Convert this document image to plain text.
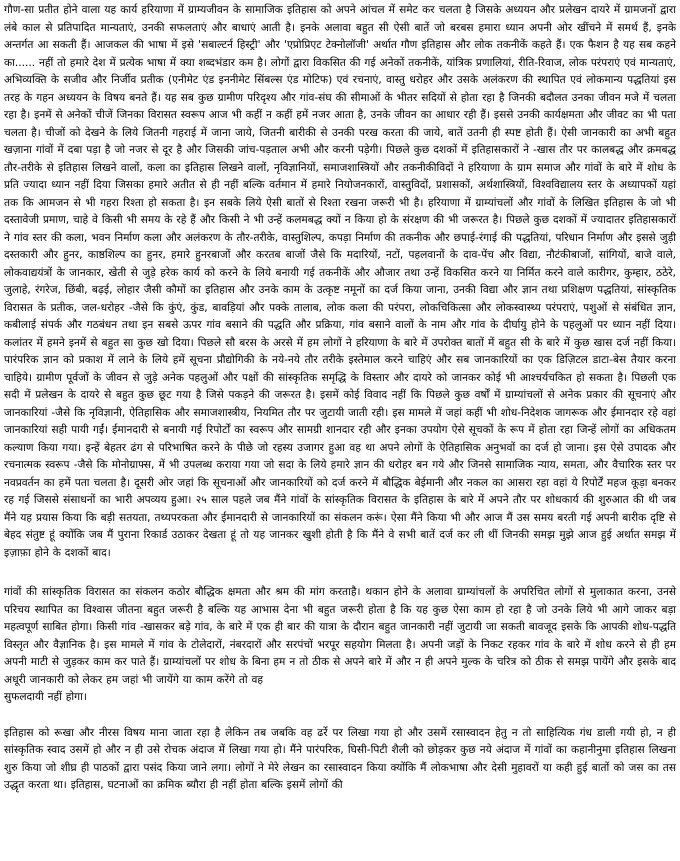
गौण-सा प्रतीत होने वाला यह कार्य हरियाणा में ग्राम्यजीवन के सामाजिक इतिहास को अपने आंचल में समेट कर चलता है जिसके अध्ययन और प्रलेखन दायरे में ग्रामजनों द्वारा लंबे काल से प्रतिपादित मान्यताएं, उनकी सफलताएं और बाधाएं आती है। इनके अलावा बहुत सी ऐसी बातें जो बरबस हमारा ध्यान अपनी ओर खींचने में समर्थ हैं, इनके अन्तर्गत आ सकती हैं। आजकल की भाषा में इसे 'सबाल्टर्न हिस्ट्री' और 'एप्रोप्रिएट टेक्नोलॉजी' अर्थात गौण इतिहास और लोक तकनीकें कहते हैं। एक फैशन है यह सब कहने का...... नहीं तो हमारे देश में प्रत्येक भाषा में क्या शब्दभंडार कम है। लोगों द्वारा विकसित की गई अनेकों तकनीकें, यांत्रिक प्रणालियां, रीति-रिवाज, लोक परंपराएं एवं मान्यताएं, अभिव्यक्ति के सजीव और निर्जीव प्रतीक (एनीमेट एंड इननीमेट सिंबल्स एंड मोटिफ) एवं रचनाएं, वास्तु धरोहर और उसके अलंकरण की स्थापित एवं लोकमान्य पद्धतियां इस तरह के गहन अध्ययन के विषय बनते हैं। यह सब कुछ ग्रामीण परिदृश्य और गांव-संघ की सीमाओं के भीतर सदियों से होता रहा है जिनकी बदौलत उनका जीवन मजे में चलता रहा है। इनमें से अनेकों चीजें जिनका विरासत स्वरूप आज भी कहीं न कहीं हमें नजर आता है, उनके जीवन का आधार रही हैं। इससे उनकी कार्यक्षमता और जीवट का भी पता चलता है। चीजों को देखने के लिये जितनी गहराई में जाना जाये, जितनी बारीकी से उनकी परख करता की जाये, बातें उतनी ही स्पष्ट होती हैं। ऐसी जानकारी का अभी बहुत खज़ाना गांवों में दबा पड़ा है जो नजर से दूर है और जिसकी जांच-पड़ताल अभी और करनी पड़ेगी। पिछले कुछ दशकों में इतिहासकारों ने -खास तौर पर कालबद्ध और क्रमबद्ध तौर-तरीके से इतिहास लिखने वालों, कला का इतिहास लिखने वालों, नृविज्ञानियों, समाजशास्त्रियों और तकनीकीविदों ने हरियाणा के ग्राम समाज और गांवों के बारे में शोध के प्रति ज्यादा ध्यान नहीं दिया जिसका हमारे अतीत से ही नहीं बल्कि वर्तमान में हमारे नियोजनकारों, वास्तुविदों, प्रशासकों, अर्थशास्त्रियों, विश्वविद्यालय स्तर के अध्यापकों यहां तक कि आमजन से भी गहरा रिश्ता हो सकता है। इन सबके लिये ऐसी बातों से रिश्ता रखना जरूरी भी है। हरियाणा में ग्राम्यांचलों और गांवों के लिखित इतिहास के जो भी दस्तावेजी प्रमाण, चाहे वे किसी भी समय के रहे हैं और किसी ने भी उन्हें कलमबद्ध क्यों न किया हो के संरक्षण की भी जरूरत है। पिछले कुछ दशकों में ज्यादातर इतिहासकारों ने गांव स्तर की कला, भवन निर्माण कला और अलंकरण के तौर-तरीके, वास्तुशिल्प, कपड़ा निर्माण की तकनीक और छपाई-रंगाई की पद्धतियां, परिधान निर्माण और इससे जुड़ी दस्तकारी और हुनर, काष्ठशिल्प का हुनर, हमारे हुनरबाजों और करतब बाजों जैसे कि मदारियों, नटों, पहलवानों के दाव-पेंच और विद्या, नौटंकीबाजों, सांगियों, बाजे वाले, लोकवाद्ययंत्रों के जानकार, खेती से जुड़े हरेक कार्य को करने के लिये बनायी गई तकनीकें और औजार तथा उन्हें विकसित करने या निर्मित करने वाले कारीगर, कुम्हार, ठठेरे, जुलाहे, रंगरेज, छिंबी, बढ़ई, लोहार जैसी कौमों का इतिहास और उनके काम के उत्कृष्ट नमूनों का दर्ज किया जाना, उनकी विद्या और ज्ञान तथा प्रशिक्षण पद्धतियां, सांस्कृतिक विरासत के प्रतीक, जल-धरोहर -जैसे कि कुंएं, कुंड, बावड़ियां और पक्के तालाब, लोक कला की परंपरा, लोकचिकित्सा और लोकस्वास्थ्य परंपराएं, पशुओं से संबंधित ज्ञान, कबीलाई संपर्क और गठबंधन तथा इन सबसे ऊपर गांव बसाने की पद्धति और प्रक्रिया, गांव बसाने वालों के नाम और गांव के दीर्घायु होने के पहलुओं पर ध्यान नहीं दिया। कलांतर में हमने इनमें से बहुत सा कुछ खो दिया। पिछले सौ बरस के अरसे में हम लोगों ने हरियाणा के बारे में उपरोक्त बातों में बहुत सी के बारे में कुछ खास दर्ज नहीं किया। पारंपरिक ज्ञान को प्रकाश में लाने के लिये हमें सूचना प्रौद्योगिकी के नये-नये तौर तरीके इस्तेमाल करने चाहिएं और सब जानकारियों का एक डिज़िटल डाटा-बेस तैयार करना चाहिये। ग्रामीण पूर्वजों के जीवन से जुड़े अनेक पहलुओं और पक्षों की सांस्कृतिक समृद्धि के विस्तार और दायरे को जानकर कोई भी आश्चर्यचकित हो सकता है। पिछली एक सदी में प्रलेखन के दायरे से बहुत कुछ छूट गया है जिसे पकड़ने की जरूरत है। इसमें कोई विवाद नहीं कि पिछले कुछ वर्षों में ग्राम्यांचलों से अनेक प्रकार की सूचनाएं और जानकारियां -जैसे कि नृविज्ञानी, ऐतिहासिक और समाजशास्त्रीय, नियमित तौर पर जुटायी जाती रही। इस मामले में जहां कहीं भी शोध-निदेशक जागरूक और ईमानदार रहे वहां जानकारियां सही पायी गईं। ईमानदारी से बनायी गई रिपोर्टों का स्वरूप और सामग्री शानदार रही और इनका उपयोग ऐसे सूचकों के रूप में होता रहा जिन्हें लोगों का अधिकतम कल्याण किया गया। इन्हें बेहतर ढंग से परिभाषित करने के पीछे जो रहस्य उजागर हुआ वह था अपने लोगों के ऐतिहासिक अनुभवों का दर्ज हो जाना। इस ऐसे उपादक और रचनात्मक स्वरूप -जैसे कि मोनोग्राफ्स, में भी उपलब्ध कराया गया जो सदा के लिये हमारे ज्ञान की धरोहर बन गये और जिनसे सामाजिक न्याय, समता, और वैचारिक स्तर पर नवप्रवर्तन का हमें पता चलता है। दूसरी ओर जहां कि सूचनाओं और जानकारियों को दर्ज करने में बौद्धिक बेईमानी और नकल का आसरा रहा वहां ये रिपोर्टें महज कूड़ा बनकर रह गई जिससे संसाधनों का भारी अपव्यय हुआ। २५ साल पहले जब मैंने गांवों के सांस्कृतिक विरासत के इतिहास के बारे में अपने तौर पर शोधकार्य की शुरुआत की थी जब मैंने यह प्रयास किया कि बड़ी सतयता, तथ्यपरकता और ईमानदारी से जानकारियों का संकलन करूं। ऐसा मैंने किया भी और आज मैं उस समय बरती गई अपनी बारीक दृष्टि से बेहद संतुष्ट हूं क्योंकि जब मैं पुराना रिकार्ड उठाकर देखता हूं तो यह जानकर खुशी होती है कि मैंने वे सभी बातें दर्ज कर ली थीं जिनकी समझ मुझे आज हुई अर्थात समझ में इज़ाफ़ा होने के दशकों बाद।

गांवों की सांस्कृतिक विरासत का संकलन कठोर बौद्धिक क्षमता और श्रम की मांग करताहै। थकान होने के अलावा ग्राम्यांचलों के अपरिचित लोगों से मुलाकात करना, उनसे परिचय स्थापित का विश्वास जीतना बहुत जरूरी है बल्कि यह आभास देना भी बहुत जरूरी होता है कि यह कुछ ऐसा काम हो रहा है जो उनके लिये भी आगे जाकर बड़ा महत्वपूर्ण साबित होगा। किसी गांव -खासकर बड़े गांव, के बारे में एक ही बार की यात्रा के दौरान बहुत जानकारी नहीं जुटायी जा सकती बावजूद इसके कि आपकी शोध-पद्धति विस्तृत और वैज्ञानिक है। इस मामले में गांव के टोलेदारों, नंबरदारों और सरपंचों भरपूर सहयोग मिलता है। अपनी जड़ों के निकट रहकर गांव के बारे में शोध करने से ही हम अपनी माटी से जुड़कर काम कर पाते हैं। ग्राम्यांचलों पर शोध के बिना हम न तो ठीक से अपने बारे में और न ही अपने मुल्क के चरित्र को ठीक से समझ पायेंगे और इसके बाद अधूरी जानकारी को लेकर हम जहां भी जायेंगे या काम करेंगे तो वह

सुफलदायी नहीं होगा।

इतिहास को रूखा और नीरस विषय माना जाता रहा है लेकिन तब जबकि वह ढर्रे पर लिखा गया हो और उसमें रसास्वादन हेतु न तो साहित्यिक गंध डाली गयी हो, न ही सांस्कृतिक स्वाद उसमें हो और न ही उसे रोचक अंदाज में लिखा गया हो। मैंने पारंपरिक, घिसी-पिटी शैली को छोड़कर कुछ नये अंदाज में गांवों का कहानीनुमा इतिहास लिखना शुरु किया जो शीघ्र ही पाठकों द्वारा पसंद किया जाने लगा। लोगों ने मेरे लेखन का रसास्वादन किया क्योंकि मैं लोकभाषा और देसी मुहावरों या कही हुई बातों को जस का तस उद्धृत करता था। इतिहास, घटनाओं का क्रमिक ब्यौरा ही नहीं होता बल्कि इसमें लोगों की
